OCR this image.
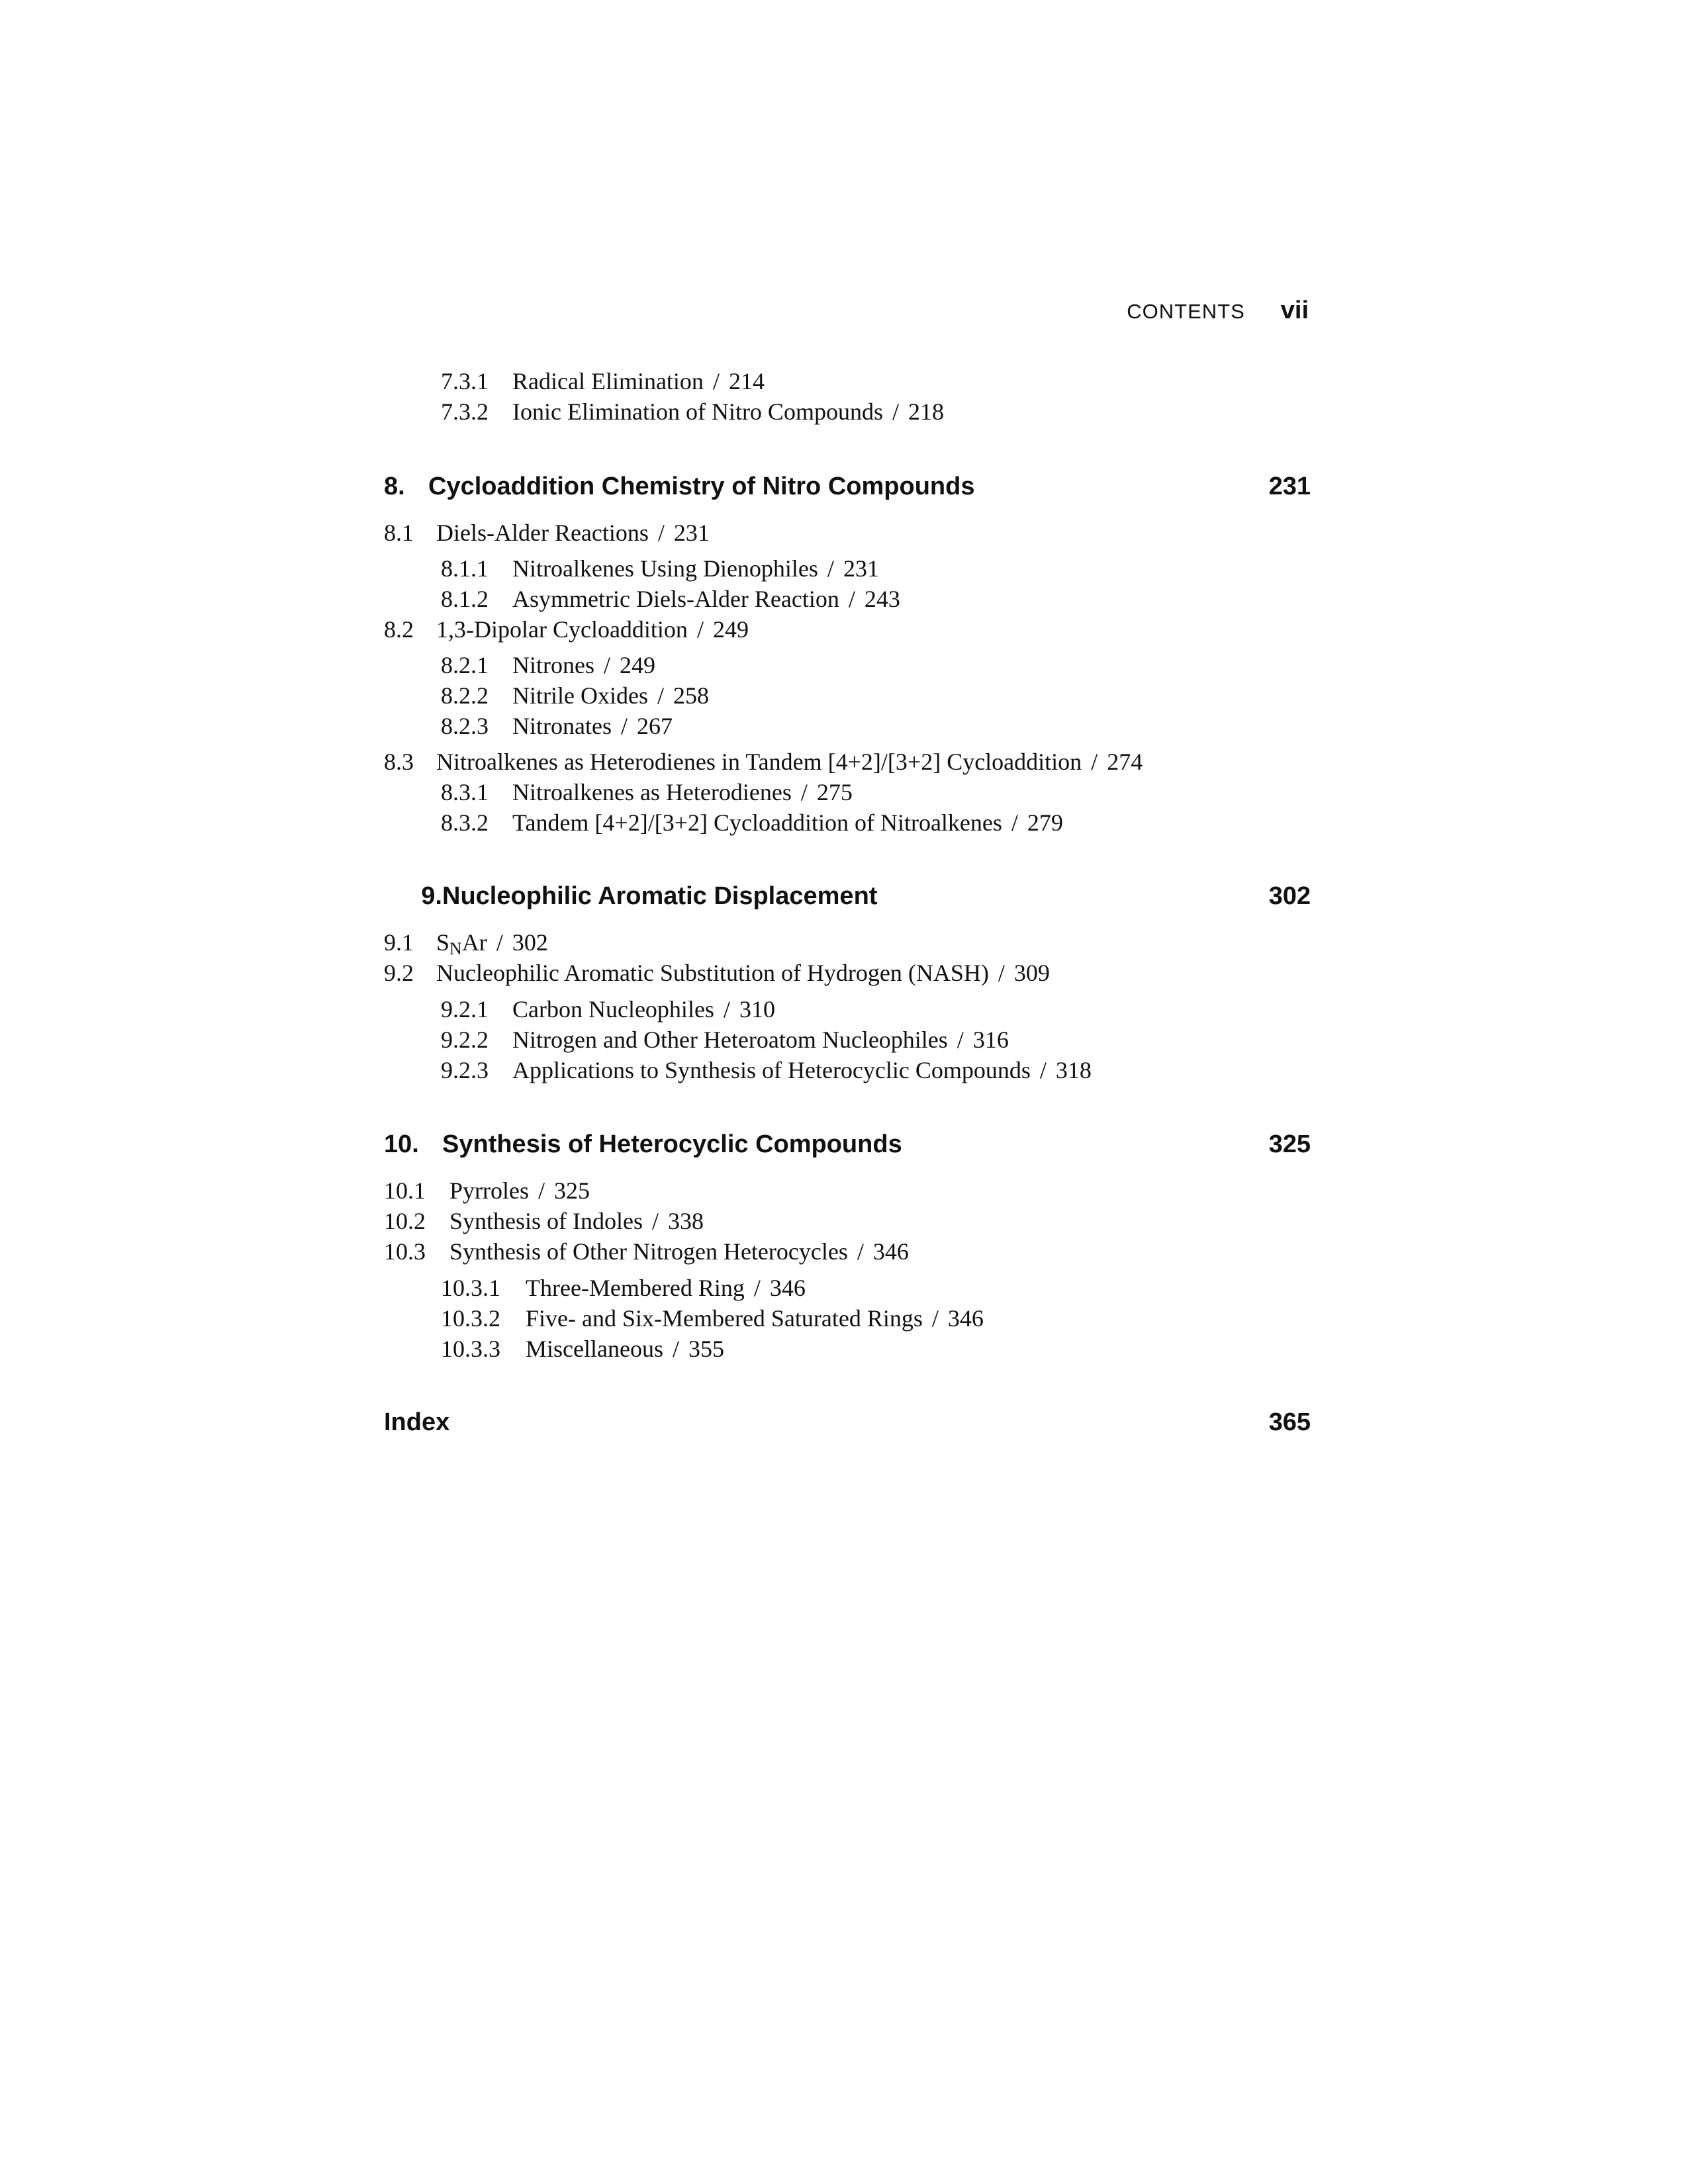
CONTENTS vii
7.3.1 Radical Elimination / 214
7.3.2 Ionic Elimination of Nitro Compounds / 218
8. Cycloaddition Chemistry of Nitro Compounds	231
8.1 Diels-Alder Reactions / 231
8.1.1 Nitroalkenes Using Dienophiles / 231
8.1.2 Asymmetric Diels-Alder Reaction / 243
8.2 1,3-Dipolar Cycloaddition / 249
8.2.1 Nitrones / 249
8.2.2 Nitrile Oxides / 258
8.2.3 Nitronates / 267
8.3 Nitroalkenes as Heterodienes in Tandem [4+2]/[3+2] Cycloaddition / 274
8.3.1 Nitroalkenes as Heterodienes / 275
8.3.2 Tandem [4+2]/[3+2] Cycloaddition of Nitroalkenes / 279
9.Nucleophilic Aromatic Displacement	302
9.1 $S_NAr / 302$
9.2 Nucleophilic Aromatic Substitution of Hydrogen (NASH) / 309
9.2.1 Carbon Nucleophiles / 310
9.2.2 Nitrogen and Other Heteroatom Nucleophiles / 316
9.2.3 Applications to Synthesis of Heterocyclic Compounds / 318
10. Synthesis of Heterocyclic Compounds	325
10.1 Pyrroles / 325
10.2 Synthesis of Indoles / 338
10.3 Synthesis of Other Nitrogen Heterocycles / 346
10.3.1 Three-Membered Ring / 346
10.3.2 Five- and Six-Membered Saturated Rings / 346
10.3.3 Miscellaneous / 355
Index	365
